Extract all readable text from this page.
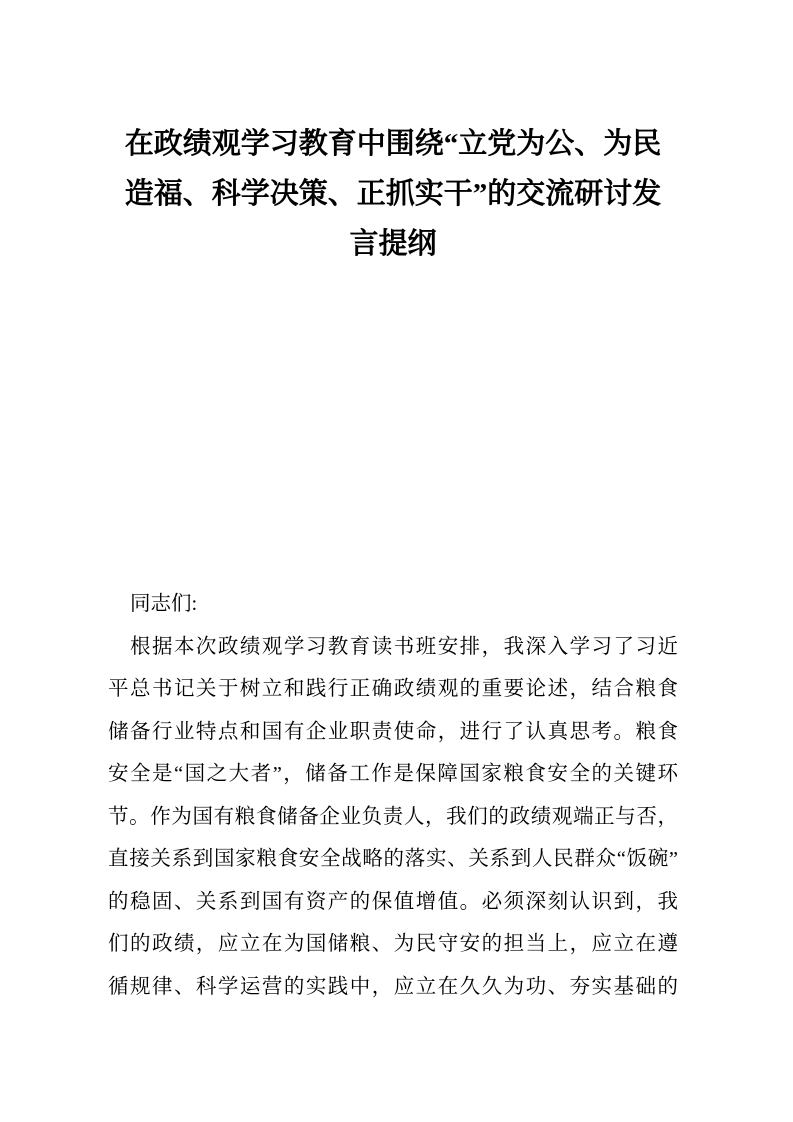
在政绩观学习教育中围绕“立党为公、为民
造福、科学决策、正抓实干”的交流研讨发
言提纲

同志们:

根据本次政绩观学习教育读书班安排，我深入学习了习近

平总书记关于树立和践行正确政绩观的重要论述，结合粮食

储备行业特点和国有企业职责使命，进行了认真思考。粮食

安全是“国之大者”，储备工作是保障国家粮食安全的关键环

节。作为国有粮食储备企业负责人，我们的政绩观端正与否，

直接关系到国家粮食安全战略的落实、关系到人民群众“饭碗”

的稳固、关系到国有资产的保值增值。必须深刻认识到，我

们的政绩，应立在为国储粮、为民守安的担当上，应立在遵

循规律、科学运营的实践中，应立在久久为功、夯实基础的
